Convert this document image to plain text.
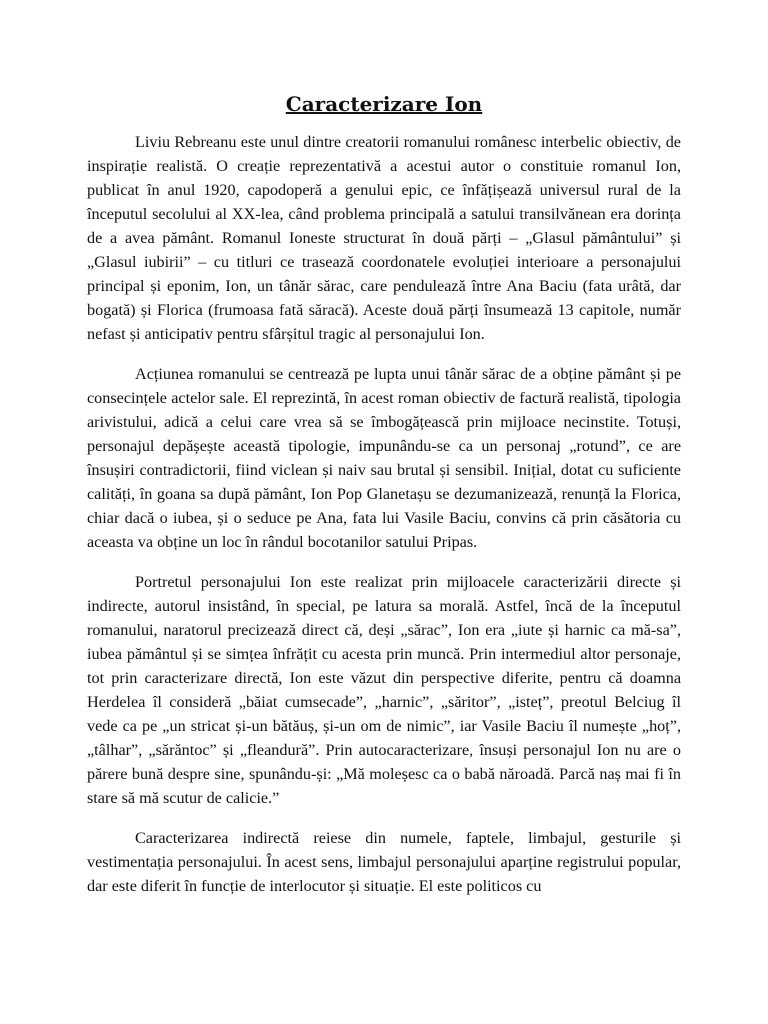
Caracterizare Ion

Liviu Rebreanu este unul dintre creatorii romanului românesc interbelic obiectiv, de inspirație realistă. O creație reprezentativă a acestui autor o constituie romanul Ion, publicat în anul 1920, capodoperă a genului epic, ce înfățișează universul rural de la începutul secolului al XX-lea, când problema principală a satului transilvănean era dorința de a avea pământ. Romanul Ioneste structurat în două părți – „Glasul pământului” și „Glasul iubirii” – cu titluri ce trasează coordonatele evoluției interioare a personajului principal și eponim, Ion, un tânăr sărac, care pendulează între Ana Baciu (fata urâtă, dar bogată) și Florica (frumoasa fată săracă). Aceste două părți însumează 13 capitole, număr nefast și anticipativ pentru sfârșitul tragic al personajului Ion.

Acțiunea romanului se centrează pe lupta unui tânăr sărac de a obține pământ și pe consecințele actelor sale. El reprezintă, în acest roman obiectiv de factură realistă, tipologia arivistului, adică a celui care vrea să se îmbogățească prin mijloace necinstite. Totuși, personajul depășește această tipologie, impunându-se ca un personaj „rotund”, ce are însușiri contradictorii, fiind viclean și naiv sau brutal și sensibil. Inițial, dotat cu suficiente calități, în goana sa după pământ, Ion Pop Glanetașu se dezumanizează, renunță la Florica, chiar dacă o iubea, și o seduce pe Ana, fata lui Vasile Baciu, convins că prin căsătoria cu aceasta va obține un loc în rândul bocotanilor satului Pripas.

Portretul personajului Ion este realizat prin mijloacele caracterizării directe și indirecte, autorul insistând, în special, pe latura sa morală. Astfel, încă de la începutul romanului, naratorul precizează direct că, deși „sărac”, Ion era „iute și harnic ca mă-sa”, iubea pământul și se simțea înfrățit cu acesta prin muncă. Prin intermediul altor personaje, tot prin caracterizare directă, Ion este văzut din perspective diferite, pentru că doamna Herdelea îl consideră „băiat cumsecade”, „harnic”, „săritor”, „isteț”, preotul Belciug îl vede ca pe „un stricat și-un bătăuș, și-un om de nimic”, iar Vasile Baciu îl numește „hoț”, „tâlhar”, „sărăntoc” și „fleandură”. Prin autocaracterizare, însuși personajul Ion nu are o părere bună despre sine, spunându-și: „Mă moleșesc ca o babă năroadă. Parcă naș mai fi în stare să mă scutur de calicie.”

Caracterizarea indirectă reiese din numele, faptele, limbajul, gesturile și vestimentația personajului. În acest sens, limbajul personajului aparține registrului popular, dar este diferit în funcție de interlocutor și situație. El este politicos cu
